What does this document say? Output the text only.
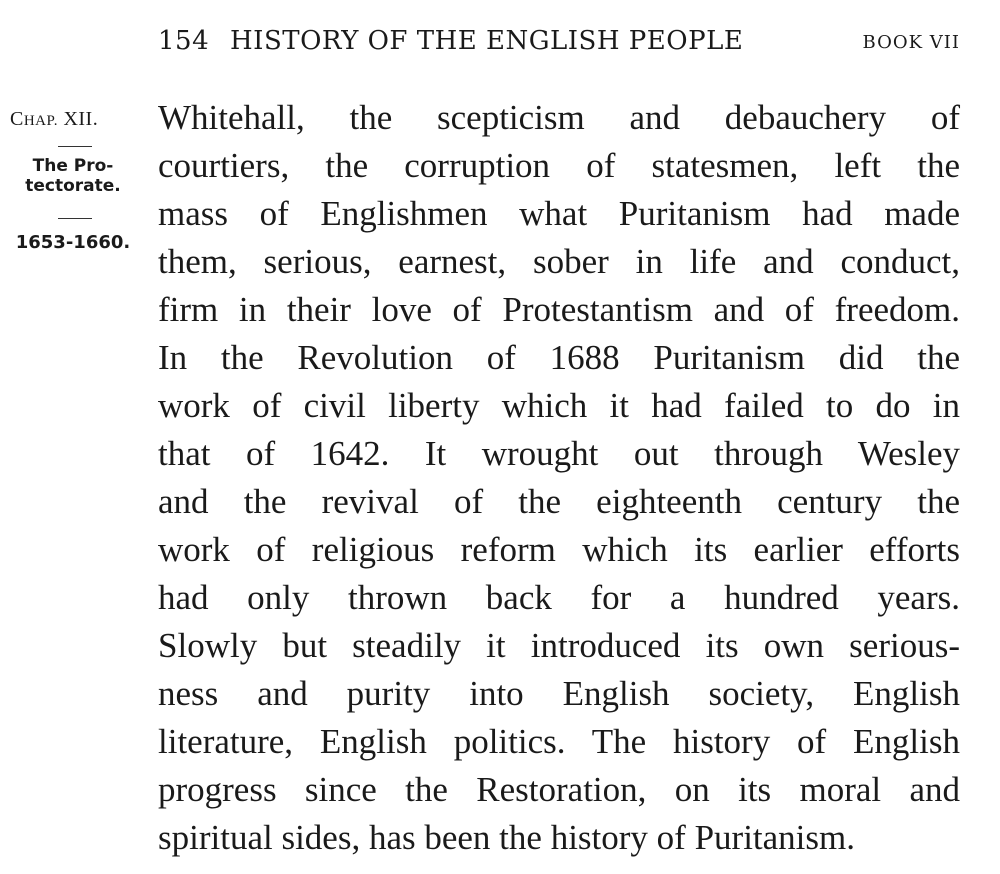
154 HISTORY OF THE ENGLISH PEOPLE	BOOK VII
CHAP. XII.
The Pro-
tectorate.
1653-1660.
Whitehall, the scepticism and debauchery of
courtiers, the corruption of statesmen, left the
mass of Englishmen what Puritanism had made
them, serious, earnest, sober in life and conduct,
firm in their love of Protestantism and of freedom.
In the Revolution of 1688 Puritanism did the
work of civil liberty which it had failed to do in
that of 1642. It wrought out through Wesley
and the revival of the eighteenth century the
work of religious reform which its earlier efforts
had only thrown back for a hundred years.
Slowly but steadily it introduced its own serious-
ness and purity into English society, English
literature, English politics. The history of English
progress since the Restoration, on its moral and
spiritual sides, has been the history of Puritanism.
